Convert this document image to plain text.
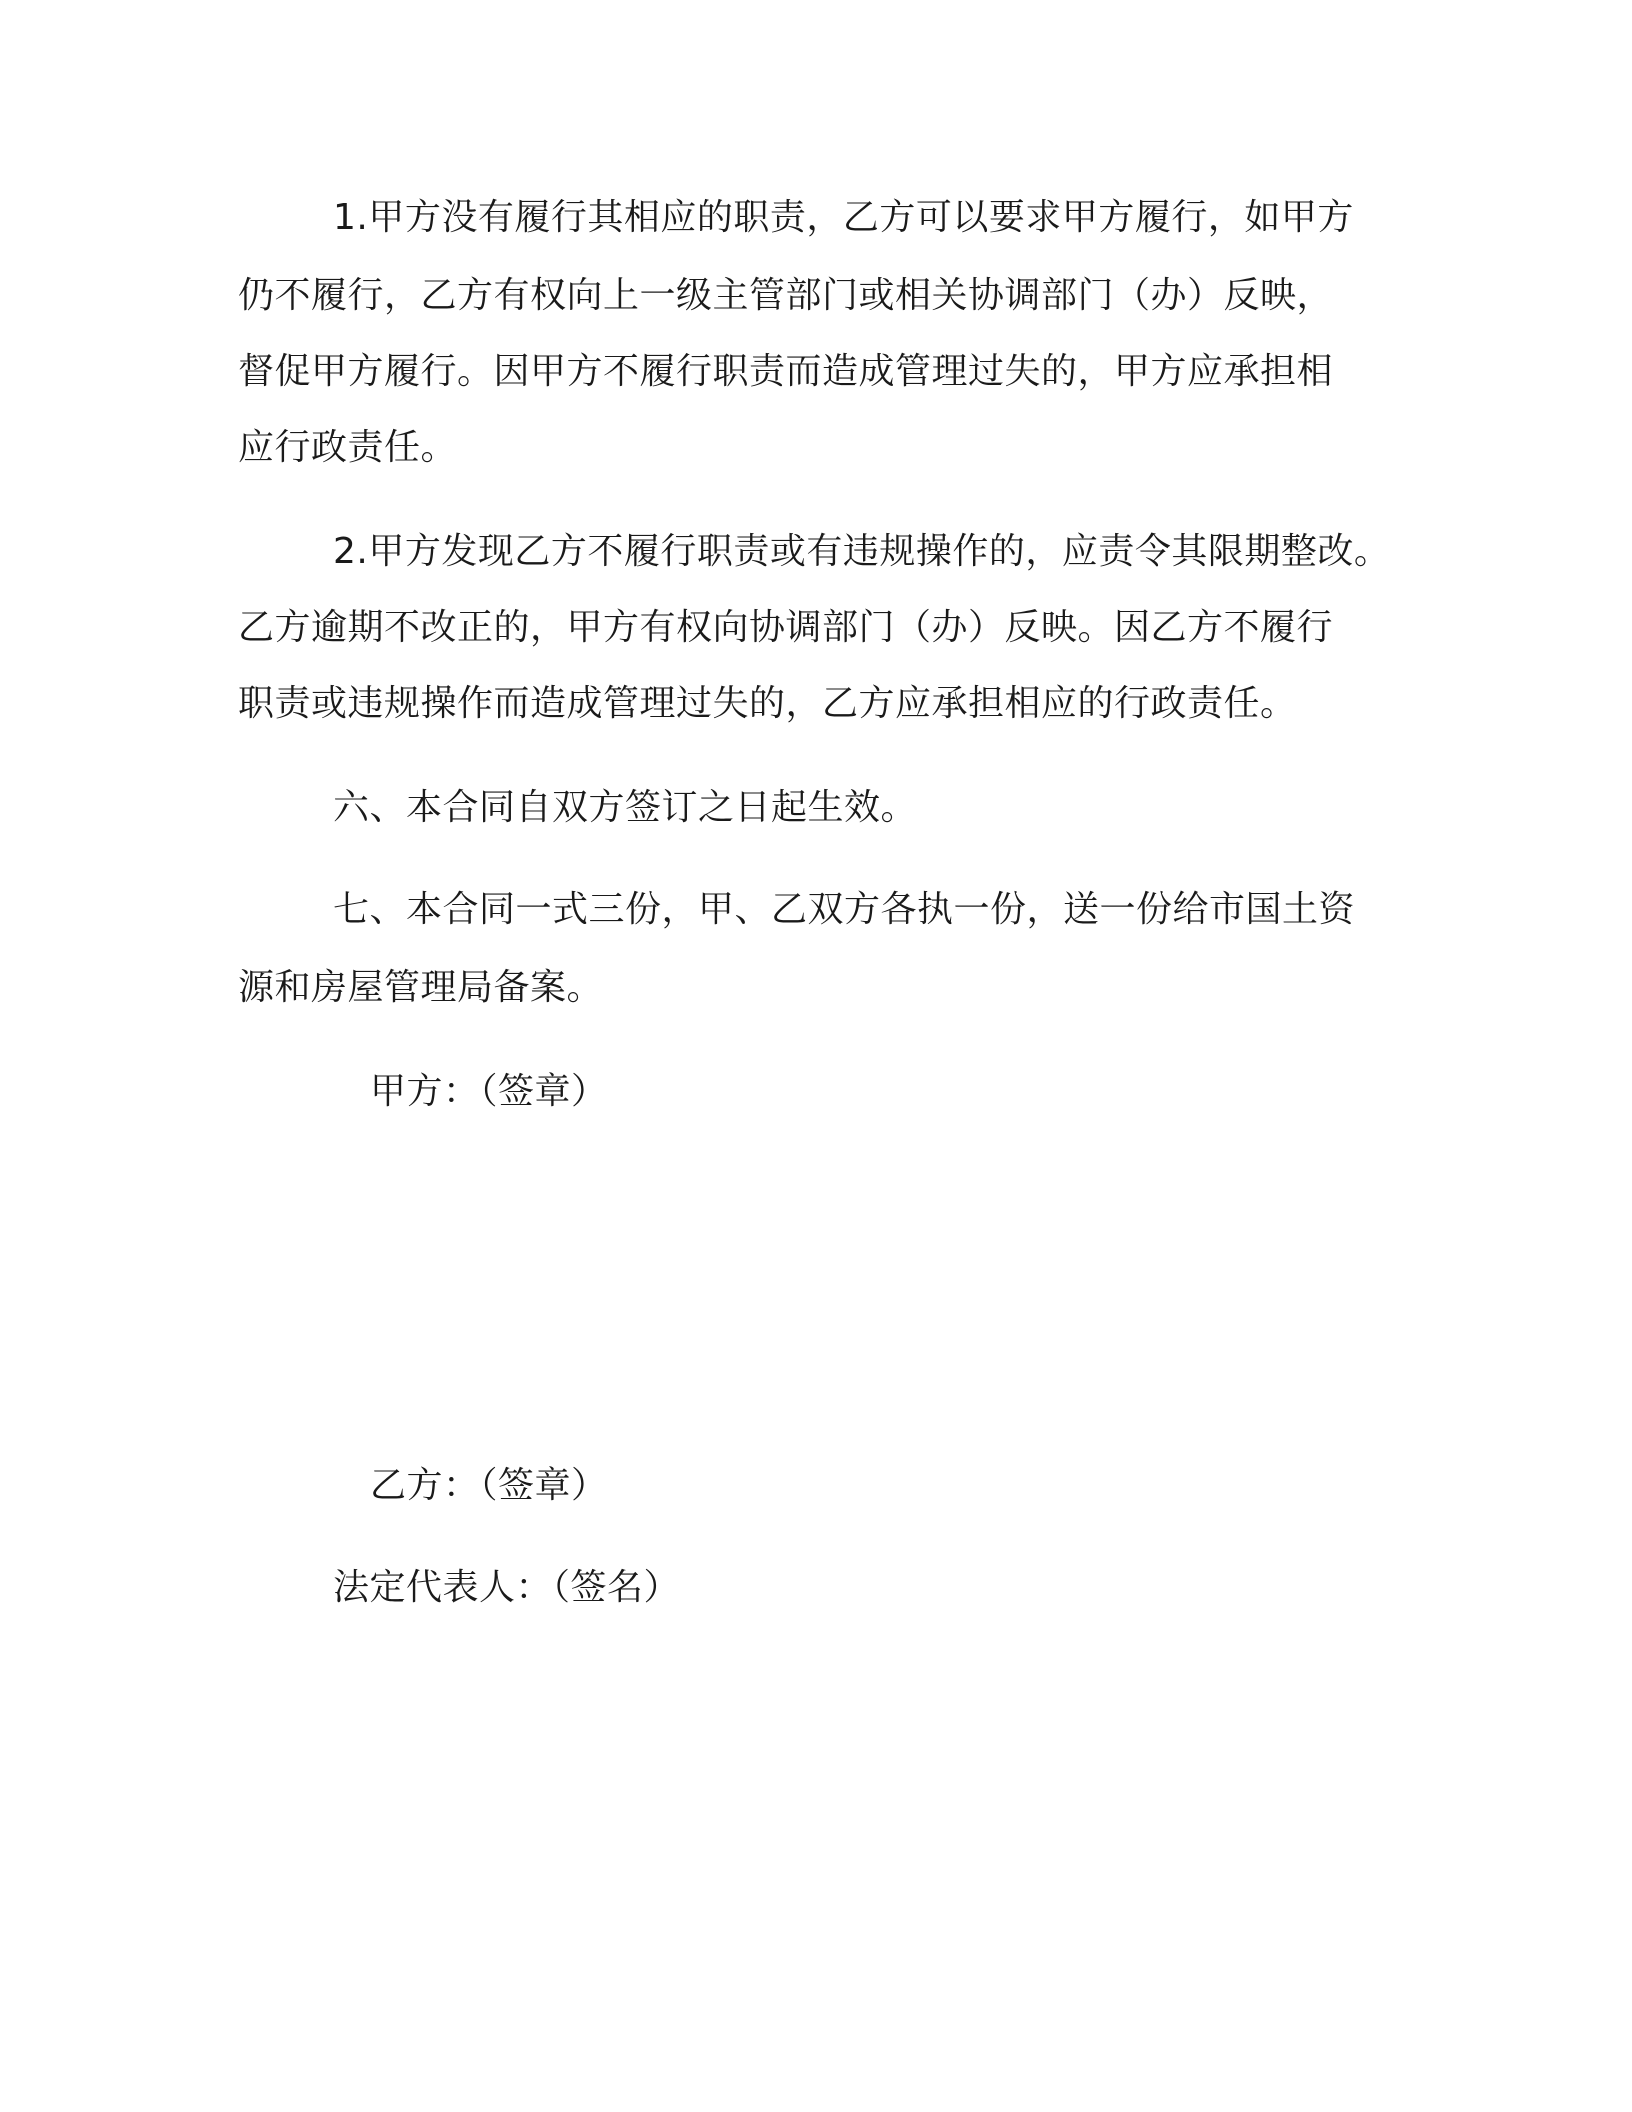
1.甲方没有履行其相应的职责，乙方可以要求甲方履行，如甲方
仍不履行，乙方有权向上一级主管部门或相关协调部门（办）反映，
督促甲方履行。因甲方不履行职责而造成管理过失的，甲方应承担相
应行政责任。
2.甲方发现乙方不履行职责或有违规操作的，应责令其限期整改。
乙方逾期不改正的，甲方有权向协调部门（办）反映。因乙方不履行
职责或违规操作而造成管理过失的，乙方应承担相应的行政责任。
六、本合同自双方签订之日起生效。
七、本合同一式三份，甲、乙双方各执一份，送一份给市国土资
源和房屋管理局备案。
甲方：（签章）
乙方：（签章）
法定代表人：（签名）
